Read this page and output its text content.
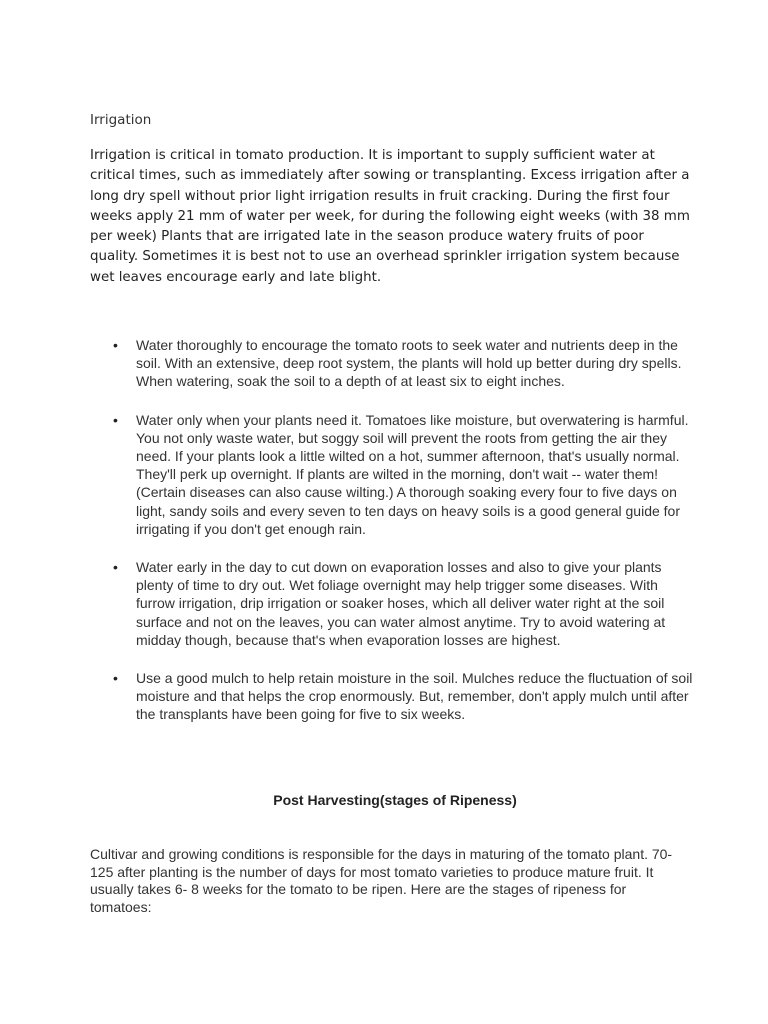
Irrigation

Irrigation is critical in tomato production. It is important to supply sufficient water at critical times, such as immediately after sowing or transplanting. Excess irrigation after a long dry spell without prior light irrigation results in fruit cracking. During the first four weeks apply 21 mm of water per week, for during the following eight weeks (with 38 mm per week) Plants that are irrigated late in the season produce watery fruits of poor quality. Sometimes it is best not to use an overhead sprinkler irrigation system because wet leaves encourage early and late blight.

• Water thoroughly to encourage the tomato roots to seek water and nutrients deep in the soil. With an extensive, deep root system, the plants will hold up better during dry spells. When watering, soak the soil to a depth of at least six to eight inches.
• Water only when your plants need it. Tomatoes like moisture, but overwatering is harmful. You not only waste water, but soggy soil will prevent the roots from getting the air they need. If your plants look a little wilted on a hot, summer afternoon, that's usually normal. They'll perk up overnight. If plants are wilted in the morning, don't wait -- water them! (Certain diseases can also cause wilting.) A thorough soaking every four to five days on light, sandy soils and every seven to ten days on heavy soils is a good general guide for irrigating if you don't get enough rain.
• Water early in the day to cut down on evaporation losses and also to give your plants plenty of time to dry out. Wet foliage overnight may help trigger some diseases. With furrow irrigation, drip irrigation or soaker hoses, which all deliver water right at the soil surface and not on the leaves, you can water almost anytime. Try to avoid watering at midday though, because that's when evaporation losses are highest.
• Use a good mulch to help retain moisture in the soil. Mulches reduce the fluctuation of soil moisture and that helps the crop enormously. But, remember, don't apply mulch until after the transplants have been going for five to six weeks.
Post Harvesting(stages of Ripeness)

Cultivar and growing conditions is responsible for the days in maturing of the tomato plant. 70- 125 after planting is the number of days for most tomato varieties to produce mature fruit. It usually takes 6- 8 weeks for the tomato to be ripen. Here are the stages of ripeness for tomatoes:
